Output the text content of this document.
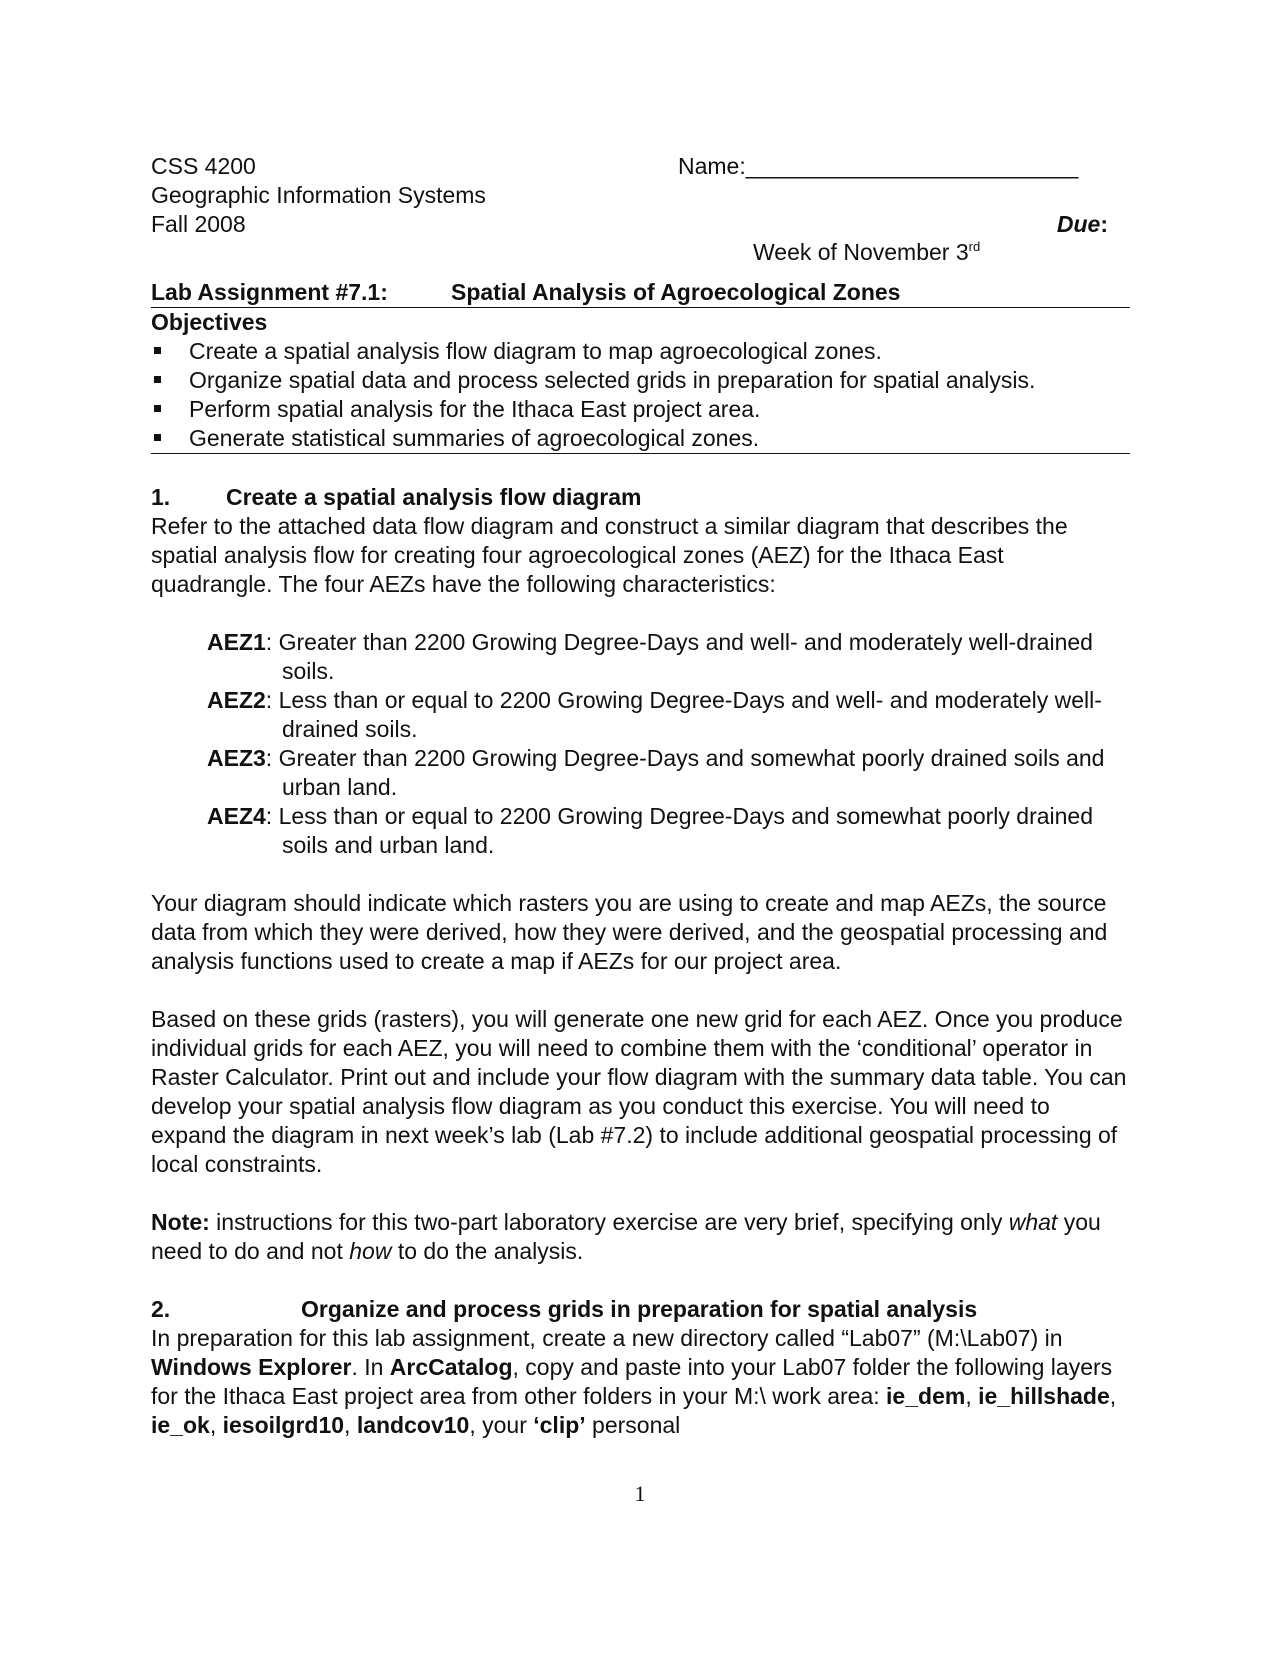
CSS 4200
Geographic Information Systems
Fall 2008
Name:__________________________
Due:
Week of November 3rd
Lab Assignment #7.1:	Spatial Analysis of Agroecological Zones
Objectives
Create a spatial analysis flow diagram to map agroecological zones.
Organize spatial data and process selected grids in preparation for spatial analysis.
Perform spatial analysis for the Ithaca East project area.
Generate statistical summaries of agroecological zones.
1. Create a spatial analysis flow diagram

Refer to the attached data flow diagram and construct a similar diagram that describes the spatial analysis flow for creating four agroecological zones (AEZ) for the Ithaca East quadrangle. The four AEZs have the following characteristics:

AEZ1: Greater than 2200 Growing Degree-Days and well- and moderately well-drained soils.
AEZ2: Less than or equal to 2200 Growing Degree-Days and well- and moderately well-drained soils.
AEZ3: Greater than 2200 Growing Degree-Days and somewhat poorly drained soils and urban land.
AEZ4: Less than or equal to 2200 Growing Degree-Days and somewhat poorly drained soils and urban land.

Your diagram should indicate which rasters you are using to create and map AEZs, the source data from which they were derived, how they were derived, and the geospatial processing and analysis functions used to create a map if AEZs for our project area.

Based on these grids (rasters), you will generate one new grid for each AEZ. Once you produce individual grids for each AEZ, you will need to combine them with the ‘conditional’ operator in Raster Calculator. Print out and include your flow diagram with the summary data table. You can develop your spatial analysis flow diagram as you conduct this exercise. You will need to expand the diagram in next week’s lab (Lab #7.2) to include additional geospatial processing of local constraints.

Note: instructions for this two-part laboratory exercise are very brief, specifying only what you need to do and not how to do the analysis.

2.	Organize and process grids in preparation for spatial analysis

In preparation for this lab assignment, create a new directory called “Lab07” (M:\Lab07) in Windows Explorer. In ArcCatalog, copy and paste into your Lab07 folder the following layers for the Ithaca East project area from other folders in your M:\ work area: ie_dem, ie_hillshade, ie_ok, iesoilgrd10, landcov10, your ‘clip’ personal

1
